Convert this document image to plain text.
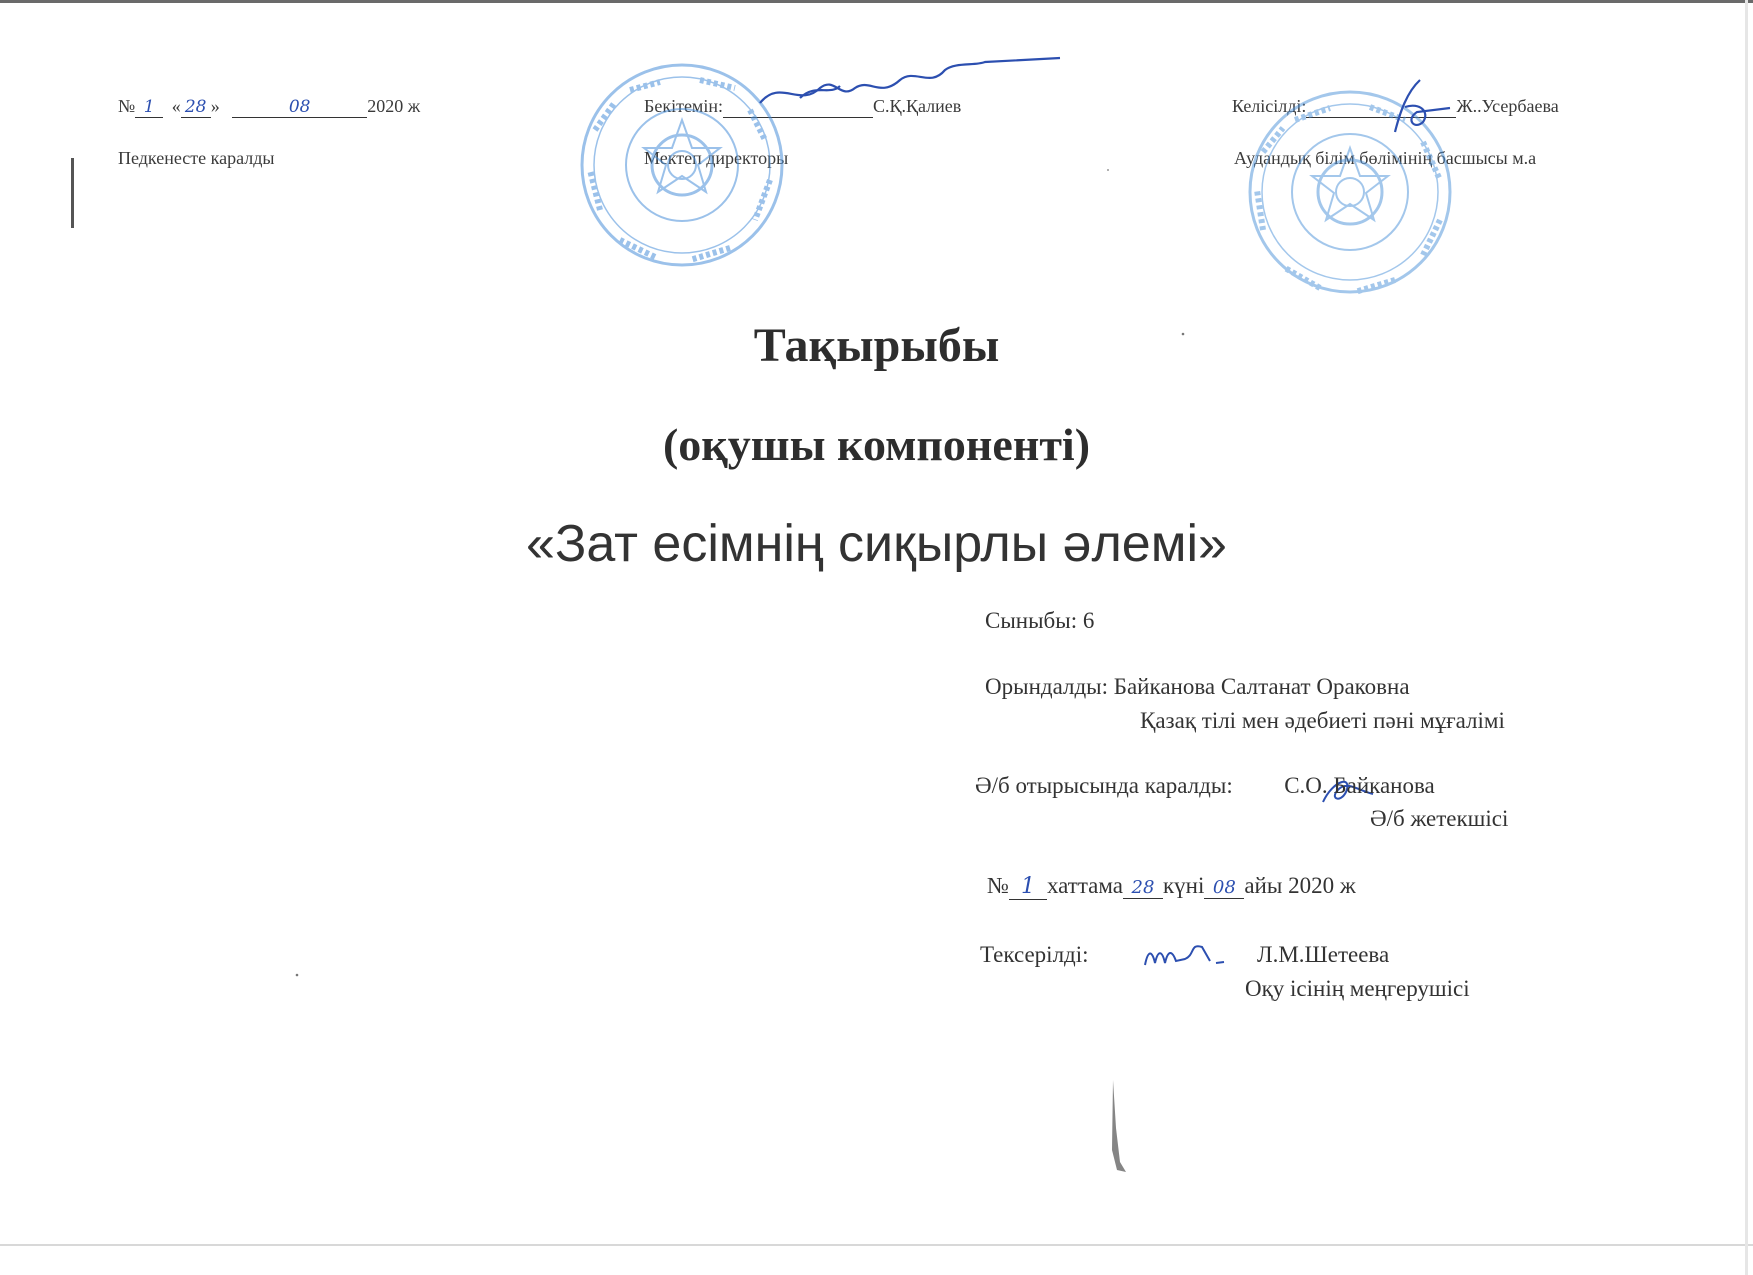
№ 1 « 28 »	08	2020 ж
Педкенесте каралды
Бекітемін:	С.Қ.Қалиев
Мектеп директоры
Келісілді:	Ж..Усербаева
Аудандық білім бөлімінің басшысы м.а
Тақырыбы
(оқушы компоненті)
«Зат есімнің сиқырлы әлемі»
Сыныбы: 6
Орындалды: Байканова Салтанат Ораковна
Қазақ тілі мен әдебиеті пәні мұғалімі
Ә/б отырысында каралды: С.О. Байканова
Ә/б жетекшісі
№ 1 хаттама 28 күні 08 айы 2020 ж
Тексерілді:	Л.М.Шетеева
Оқу ісінің меңгерушісі
